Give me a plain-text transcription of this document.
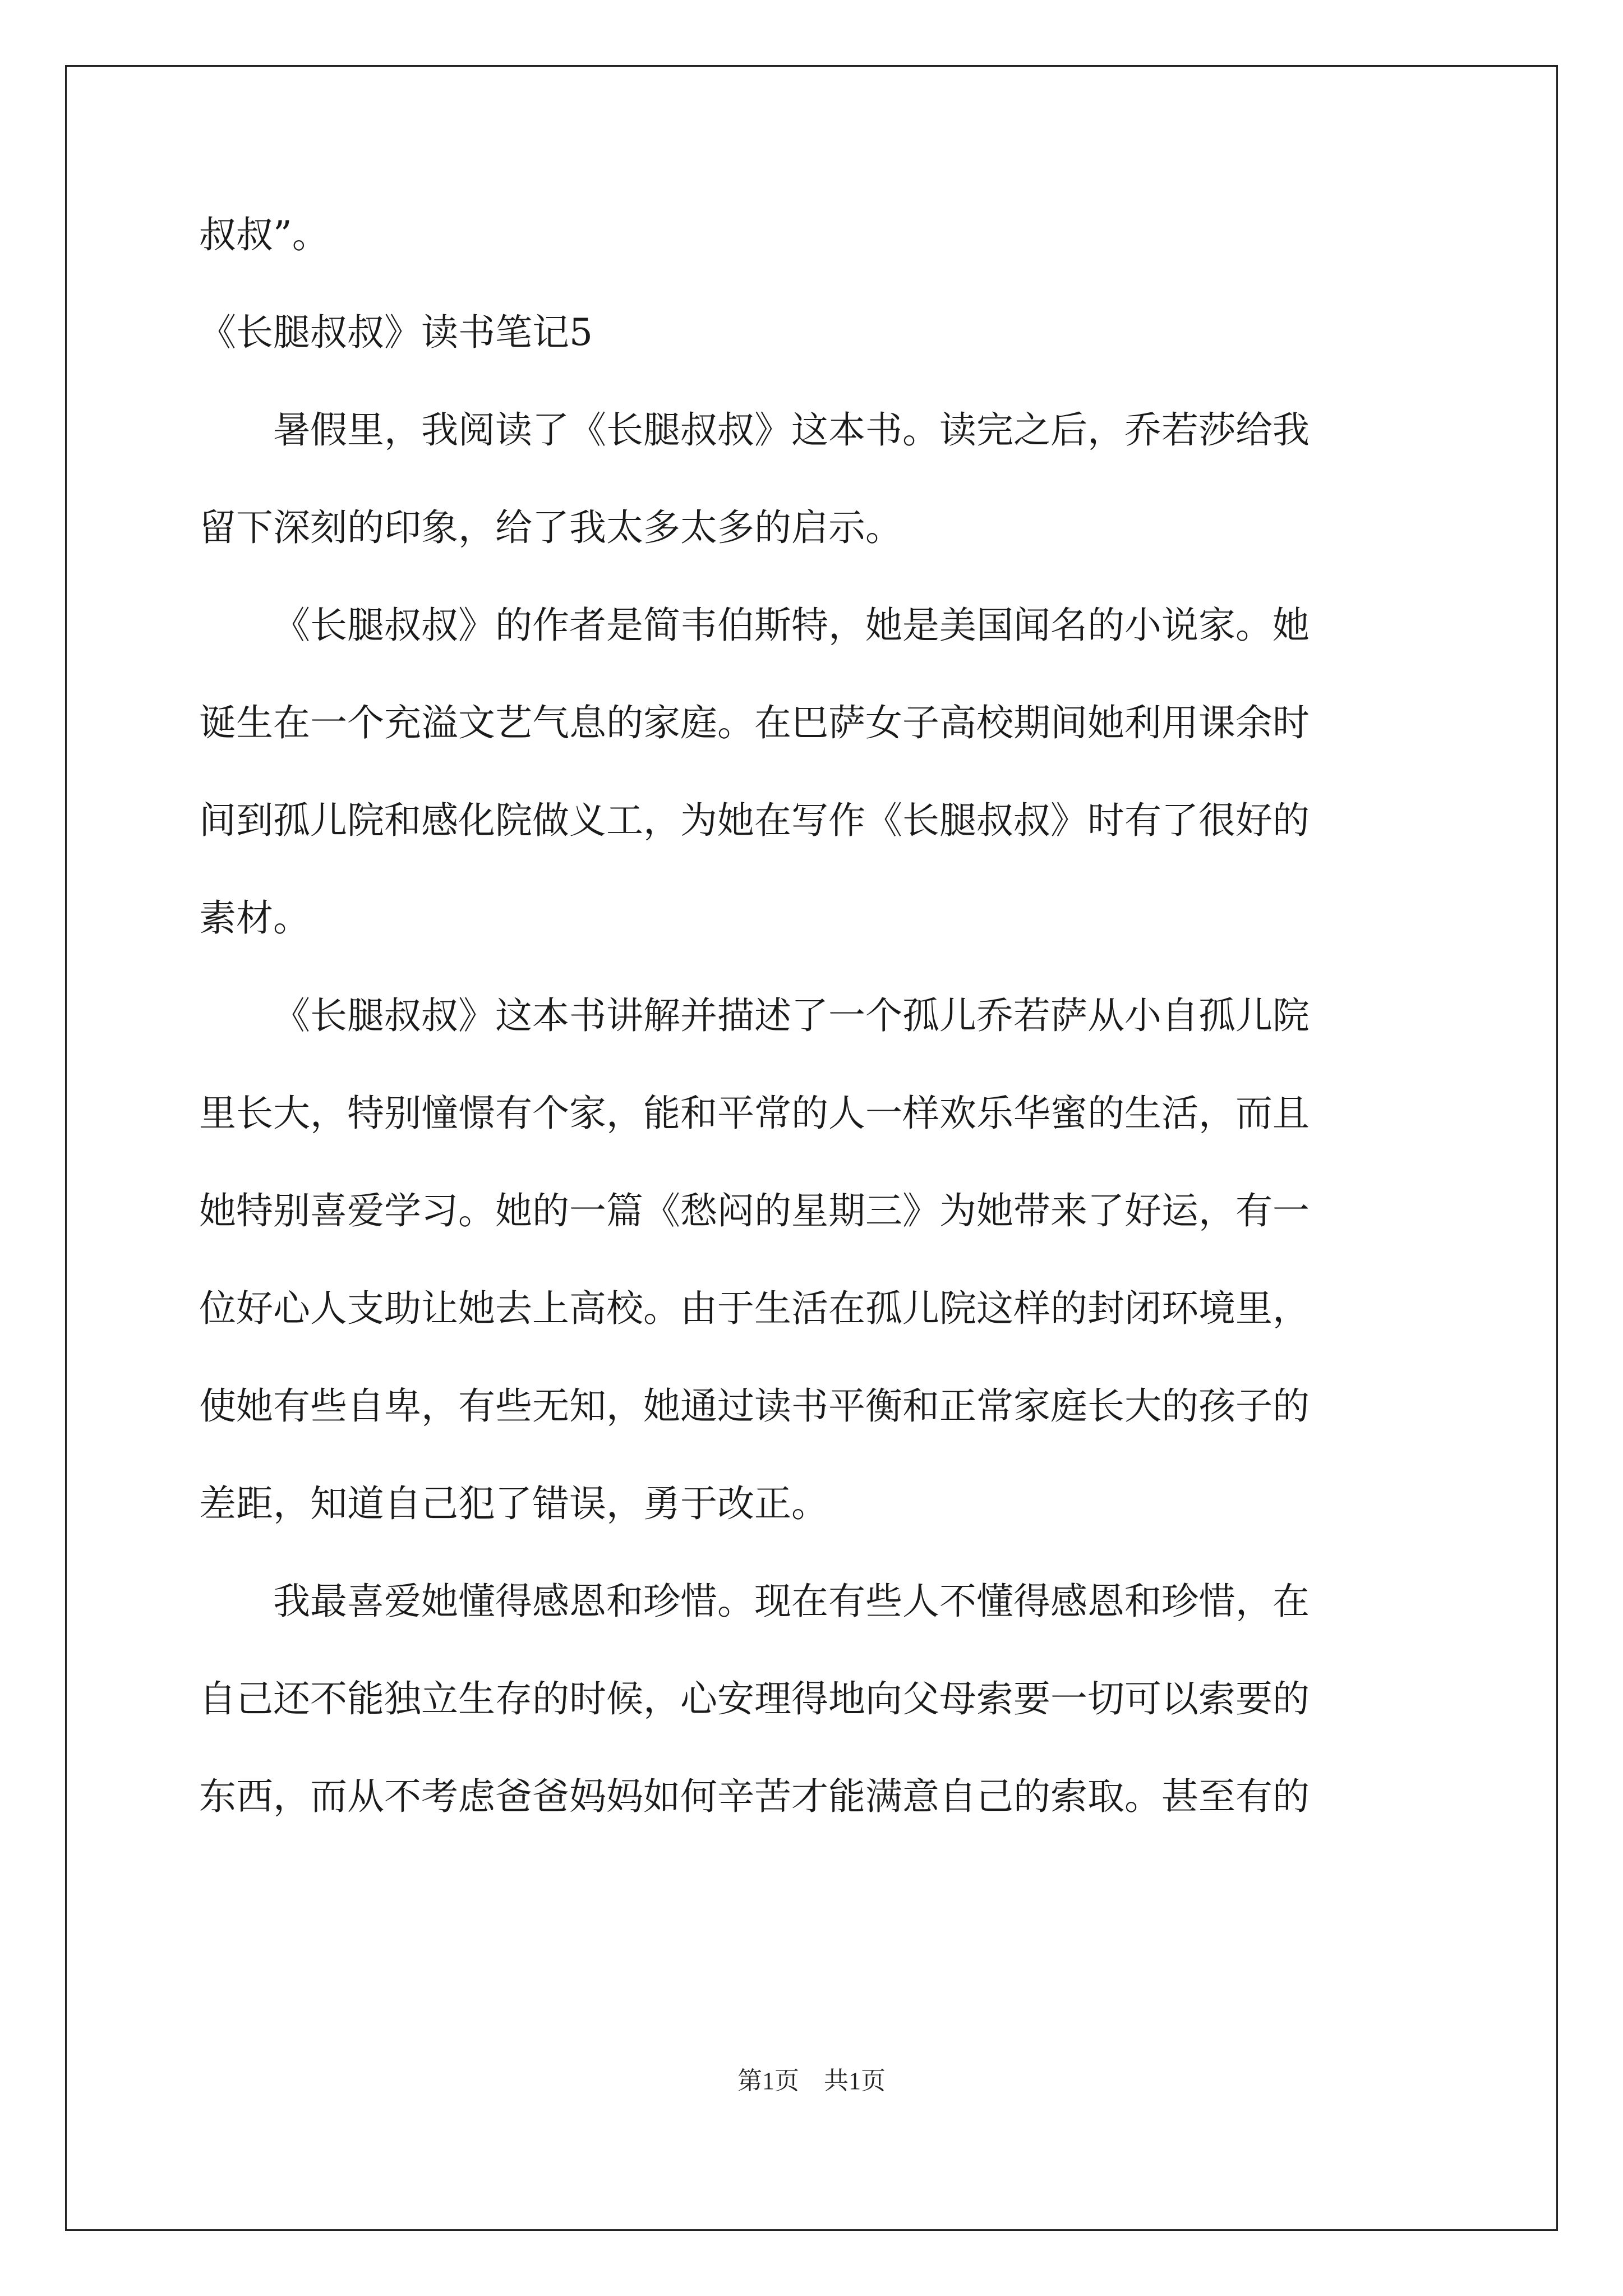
叔叔”。

《长腿叔叔》读书笔记5

暑假里，我阅读了《长腿叔叔》这本书。读完之后，乔若莎给我

留下深刻的印象，给了我太多太多的启示。

《长腿叔叔》的作者是简韦伯斯特，她是美国闻名的小说家。她

诞生在一个充溢文艺气息的家庭。在巴萨女子高校期间她利用课余时

间到孤儿院和感化院做义工，为她在写作《长腿叔叔》时有了很好的

素材。

《长腿叔叔》这本书讲解并描述了一个孤儿乔若萨从小自孤儿院

里长大，特别憧憬有个家，能和平常的人一样欢乐华蜜的生活，而且

她特别喜爱学习。她的一篇《愁闷的星期三》为她带来了好运，有一

位好心人支助让她去上高校。由于生活在孤儿院这样的封闭环境里，

使她有些自卑，有些无知，她通过读书平衡和正常家庭长大的孩子的

差距，知道自己犯了错误，勇于改正。

我最喜爱她懂得感恩和珍惜。现在有些人不懂得感恩和珍惜，在

自己还不能独立生存的时候，心安理得地向父母索要一切可以索要的

东西，而从不考虑爸爸妈妈如何辛苦才能满意自己的索取。甚至有的

第1页　共1页
